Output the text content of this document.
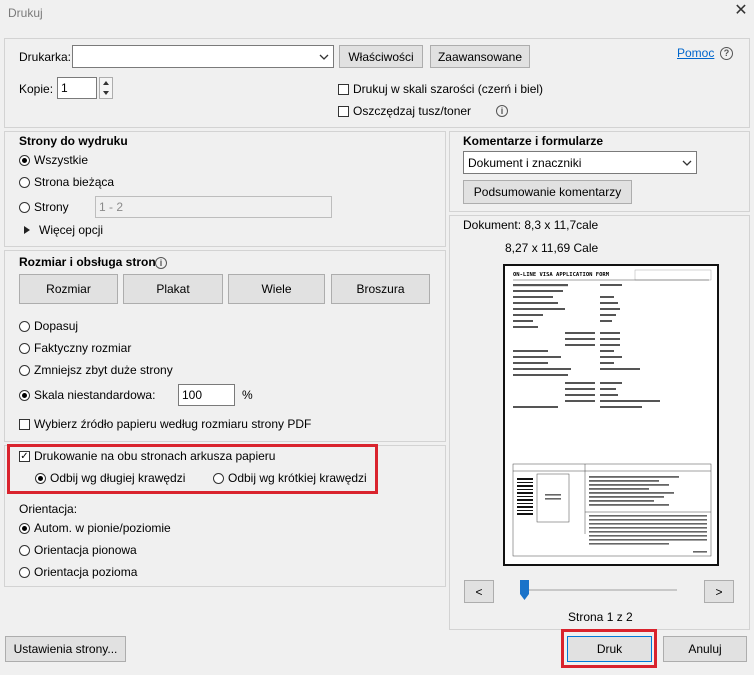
Drukuj	✕
Drukarka:	Właściwości	Zaawansowane	Pomoc	?
Kopie: 1	Drukuj w skali szarości (czerń i biel)
Oszczędzaj tusz/toner	i
Strony do wydruku
Wszystkie
Strona bieżąca
Strony	1 - 2
Więcej opcji
Rozmiar i obsługa stron i
Rozmiar	Plakat	Wiele	Broszura
Dopasuj
Faktyczny rozmiar
Zmniejsz zbyt duże strony
Skala niestandardowa:	100	%
Wybierz źródło papieru według rozmiaru strony PDF
✓ Drukowanie na obu stronach arkusza papieru
Odbij wg długiej krawędzi	Odbij wg krótkiej krawędzi
Orientacja:
Autom. w pionie/poziomie
Orientacja pionowa
Orientacja pozioma
Komentarze i formularze
Dokument i znaczniki
Podsumowanie komentarzy
Dokument: 8,3 x 11,7cale
8,27 x 11,69 Cale
ON-LINE VISA APPLICATION FORM
<	>
Strona 1 z 2
Ustawienia strony...	Druk	Anuluj
